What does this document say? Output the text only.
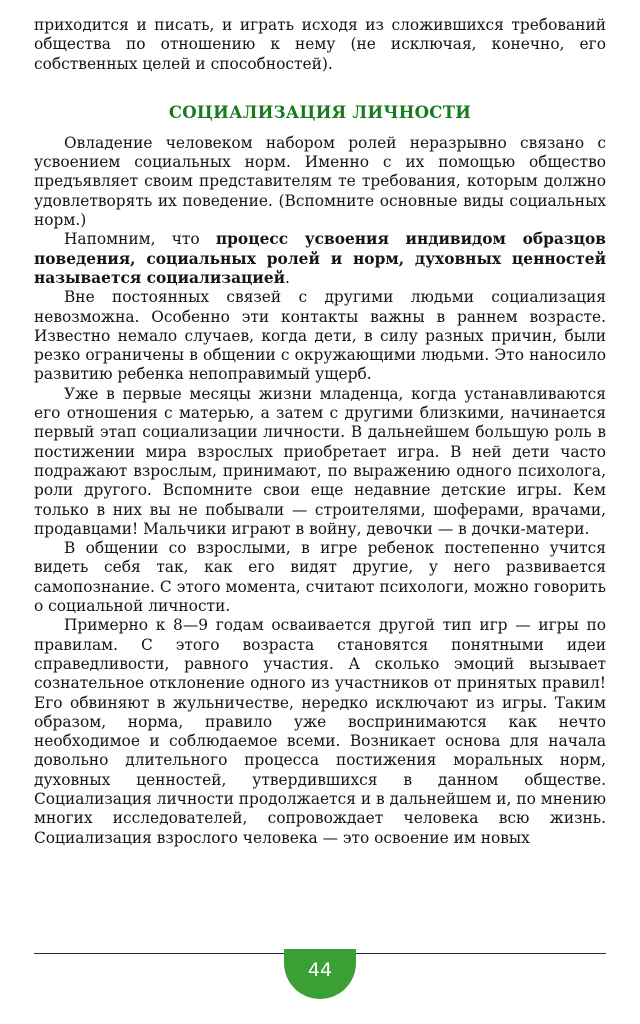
приходится и писать, и играть исходя из сложившихся требований общества по отношению к нему (не исключая, конечно, его собственных целей и способностей).

СОЦИАЛИЗАЦИЯ ЛИЧНОСТИ

Овладение человеком набором ролей неразрывно связано с усвоением социальных норм. Именно с их помощью общество предъявляет своим представителям те требования, которым должно удовлетворять их поведение. (Вспомните основные виды социальных норм.)

Напомним, что процесс усвоения индивидом образцов поведения, социальных ролей и норм, духовных ценностей называется социализацией.

Вне постоянных связей с другими людьми социализация невозможна. Особенно эти контакты важны в раннем возрасте. Известно немало случаев, когда дети, в силу разных причин, были резко ограничены в общении с окружающими людьми. Это наносило развитию ребенка непоправимый ущерб.

Уже в первые месяцы жизни младенца, когда устанавливаются его отношения с матерью, а затем с другими близкими, начинается первый этап социализации личности. В дальнейшем большую роль в постижении мира взрослых приобретает игра. В ней дети часто подражают взрослым, принимают, по выражению одного психолога, роли другого. Вспомните свои еще недавние детские игры. Кем только в них вы не побывали — строителями, шоферами, врачами, продавцами! Мальчики играют в войну, девочки — в дочки-матери.

В общении со взрослыми, в игре ребенок постепенно учится видеть себя так, как его видят другие, у него развивается самопознание. С этого момента, считают психологи, можно говорить о социальной личности.

Примерно к 8—9 годам осваивается другой тип игр — игры по правилам. С этого возраста становятся понятными идеи справедливости, равного участия. А сколько эмоций вызывает сознательное отклонение одного из участников от принятых правил! Его обвиняют в жульничестве, нередко исключают из игры. Таким образом, норма, правило уже воспринимаются как нечто необходимое и соблюдаемое всеми. Возникает основа для начала довольно длительного процесса постижения моральных норм, духовных ценностей, утвердившихся в данном обществе. Социализация личности продолжается и в дальнейшем и, по мнению многих исследователей, сопровождает человека всю жизнь. Социализация взрослого человека — это освоение им новых

44
